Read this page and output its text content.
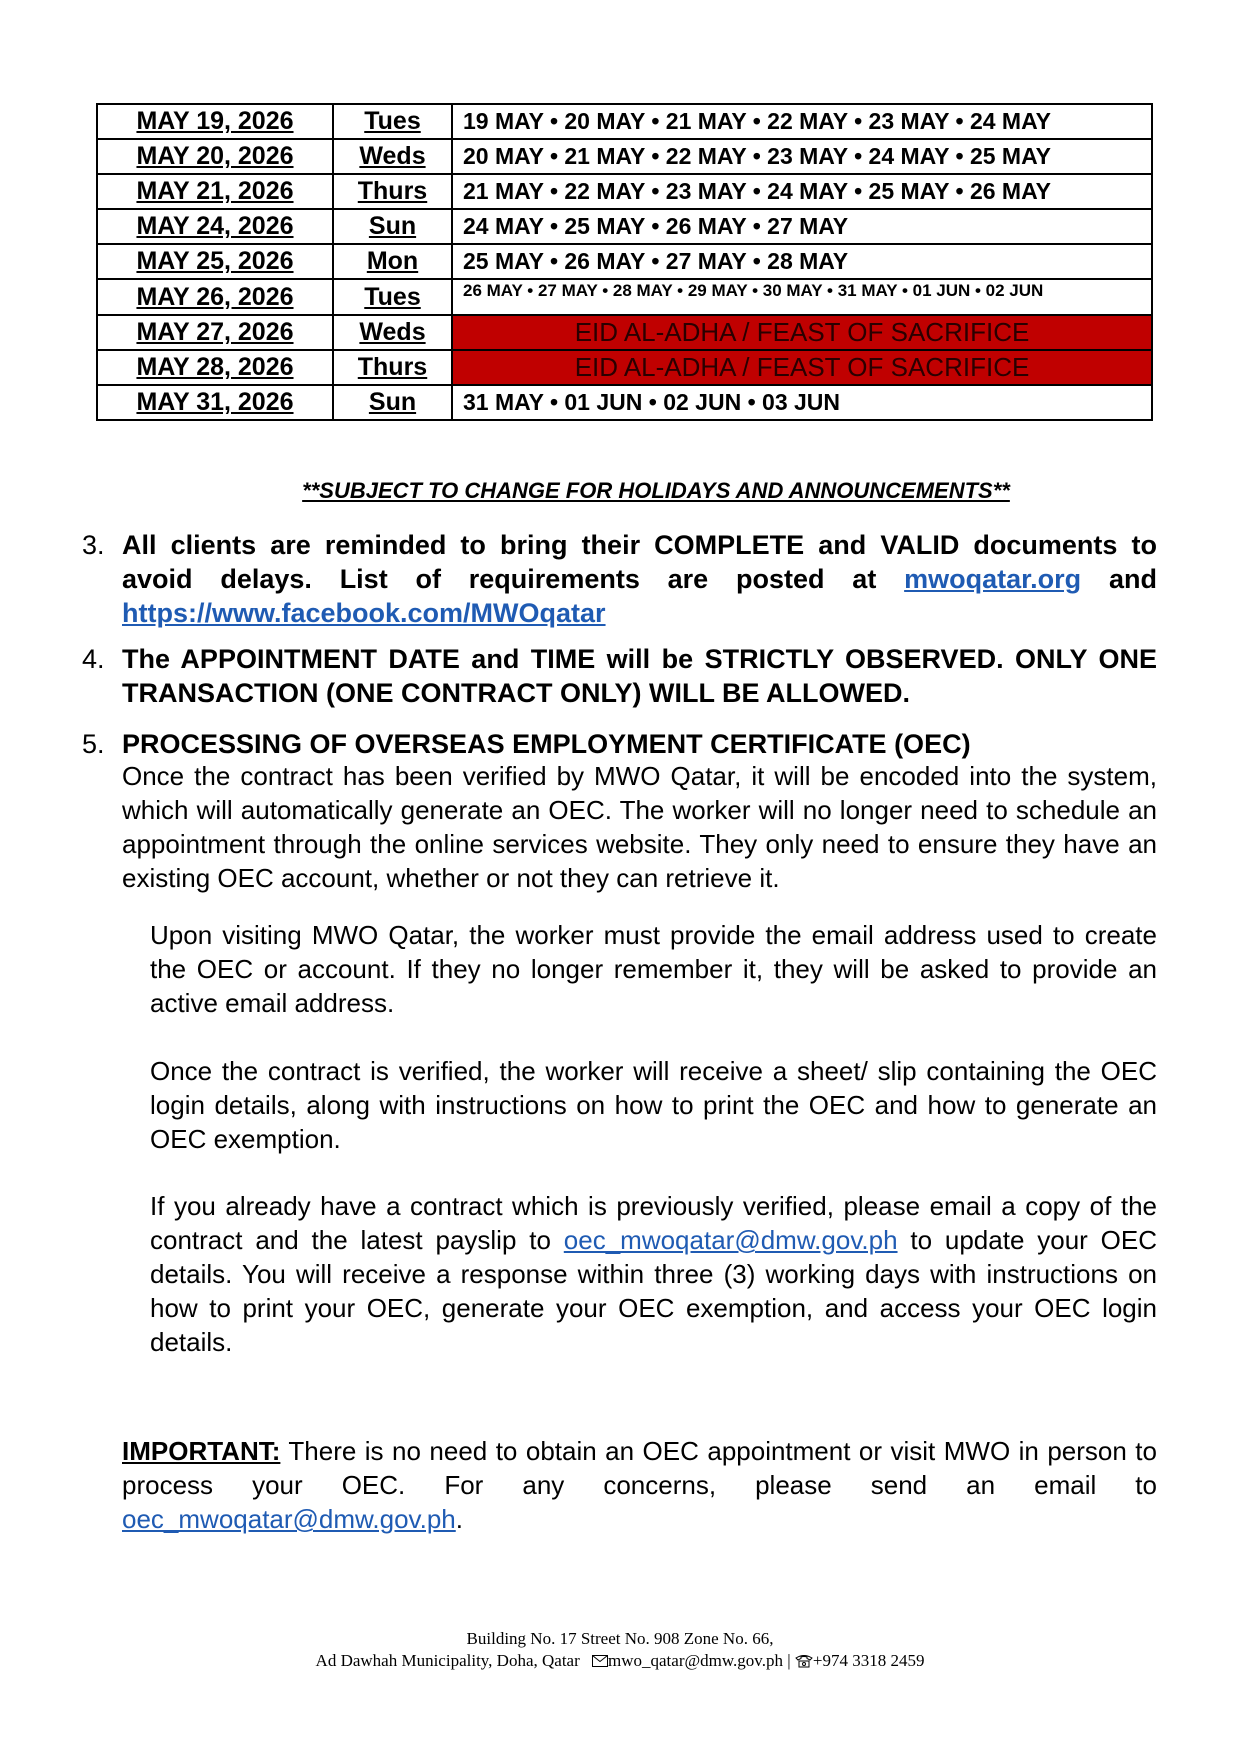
MAY 19, 2026	Tues	19 MAY • 20 MAY • 21 MAY • 22 MAY • 23 MAY • 24 MAY
MAY 20, 2026	Weds	20 MAY • 21 MAY • 22 MAY • 23 MAY • 24 MAY • 25 MAY
MAY 21, 2026	Thurs	21 MAY • 22 MAY • 23 MAY • 24 MAY • 25 MAY • 26 MAY
MAY 24, 2026	Sun	24 MAY • 25 MAY • 26 MAY • 27 MAY
MAY 25, 2026	Mon	25 MAY • 26 MAY • 27 MAY • 28 MAY
MAY 26, 2026	Tues	26 MAY • 27 MAY • 28 MAY • 29 MAY • 30 MAY • 31 MAY • 01 JUN • 02 JUN
MAY 27, 2026	Weds	EID AL-ADHA / FEAST OF SACRIFICE
MAY 28, 2026	Thurs	EID AL-ADHA / FEAST OF SACRIFICE
MAY 31, 2026	Sun	31 MAY • 01 JUN • 02 JUN • 03 JUN
**SUBJECT TO CHANGE FOR HOLIDAYS AND ANNOUNCEMENTS**
3. All clients are reminded to bring their COMPLETE and VALID documents to avoid delays. List of requirements are posted at mwoqatar.org and https://www.facebook.com/MWOqatar
4. The APPOINTMENT DATE and TIME will be STRICTLY OBSERVED. ONLY ONE TRANSACTION (ONE CONTRACT ONLY) WILL BE ALLOWED.
5. PROCESSING OF OVERSEAS EMPLOYMENT CERTIFICATE (OEC)
Once the contract has been verified by MWO Qatar, it will be encoded into the system, which will automatically generate an OEC. The worker will no longer need to schedule an appointment through the online services website. They only need to ensure they have an existing OEC account, whether or not they can retrieve it.
Upon visiting MWO Qatar, the worker must provide the email address used to create the OEC or account. If they no longer remember it, they will be asked to provide an active email address.
Once the contract is verified, the worker will receive a sheet/ slip containing the OEC login details, along with instructions on how to print the OEC and how to generate an OEC exemption.
If you already have a contract which is previously verified, please email a copy of the contract and the latest payslip to oec_mwoqatar@dmw.gov.ph to update your OEC details. You will receive a response within three (3) working days with instructions on how to print your OEC, generate your OEC exemption, and access your OEC login details.
IMPORTANT: There is no need to obtain an OEC appointment or visit MWO in person to process your OEC. For any concerns, please send an email to oec_mwoqatar@dmw.gov.ph.
Building No. 17 Street No. 908 Zone No. 66,
Ad Dawhah Municipality, Doha, Qatar mwo_qatar@dmw.gov.ph | +974 3318 2459
